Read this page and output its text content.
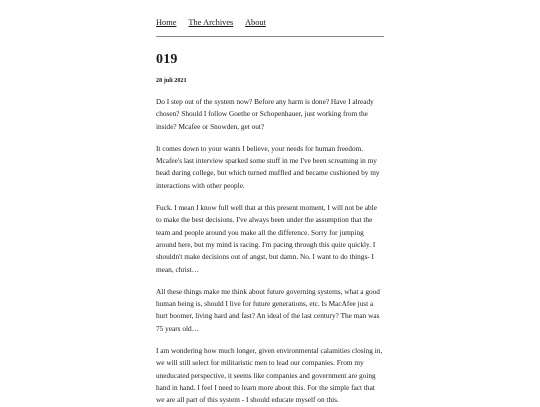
Home The Archives About
019
28 juli 2021

Do I step out of the system now? Before any harm is done? Have I already chosen? Should I follow Goethe or Schopenhauer, just working from the inside? Mcafee or Snowden, get out?

It comes down to your wants I believe, your needs for human freedom. Mcafee's last interview sparked some stuff in me I've been screaming in my head during college, but which turned muffled and became cushioned by my interactions with other people.

Fuck. I mean I know full well that at this present moment, I will not be able to make the best decisions. I've always been under the assumption that the team and people around you make all the difference. Sorry for jumping around here, but my mind is racing. I'm pacing through this quite quickly. I shouldn't make decisions out of angst, but damn. No. I want to do things- I mean, christ…

All these things make me think about future governing systems, what a good human being is, should I live for future generations, etc. Is MacAfee just a hurt boomer, living hard and fast? An ideal of the last century? The man was 75 years old…

I am wondering how much longer, given environmental calamities closing in, we will still select for militaristic men to lead our companies. From my uneducated perspective, it seems like companies and government are going hand in hand. I feel I need to learn more about this. For the simple fact that we are all part of this system - I should educate myself on this.
